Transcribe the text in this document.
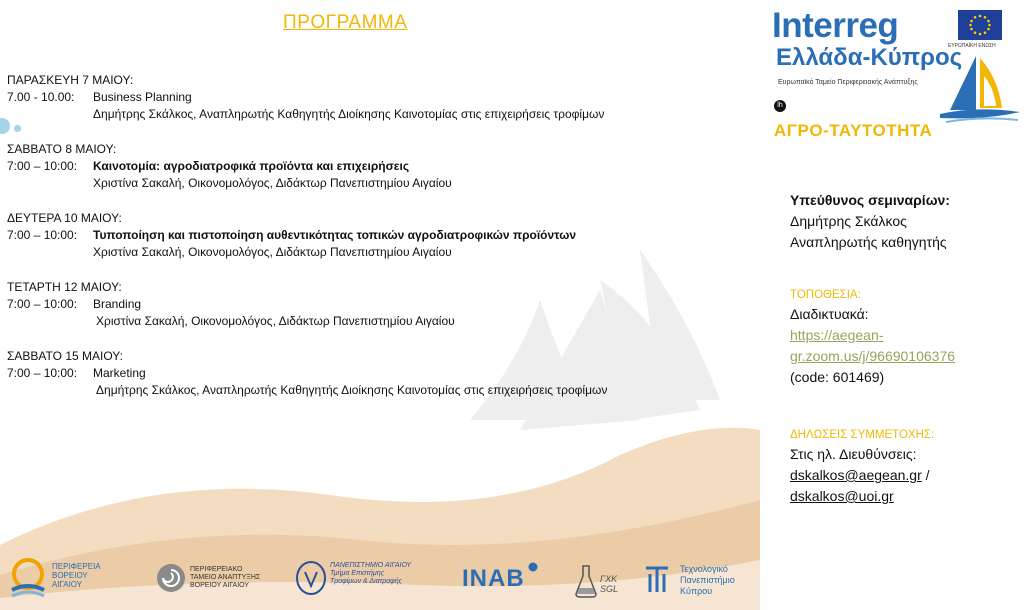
ΠΡΟΓΡΑΜΜΑ
ΠΑΡΑΣΚΕΥΗ 7 ΜΑΙΟΥ:
7.00 - 10.00:	Business Planning
Δημήτρης Σκάλκος, Αναπληρωτής Καθηγητής Διοίκησης Καινοτομίας στις επιχειρήσεις τροφίμων
ΣΑΒΒΑΤΟ 8 ΜΑΙΟΥ:
7:00 – 10:00:	Καινοτομία: αγροδιατροφικά προϊόντα και επιχειρήσεις
Χριστίνα Σακαλή, Οικονομολόγος, Διδάκτωρ Πανεπιστημίου Αιγαίου
ΔΕΥΤΕΡΑ 10 ΜΑΙΟΥ:
7:00 – 10:00:	Τυποποίηση και πιστοποίηση αυθεντικότητας τοπικών αγροδιατροφικών προϊόντων
Χριστίνα Σακαλή, Οικονομολόγος, Διδάκτωρ Πανεπιστημίου Αιγαίου
ΤΕΤΑΡΤΗ 12 ΜΑΙΟΥ:
7:00 – 10:00:	Branding
Χριστίνα Σακαλή, Οικονομολόγος, Διδάκτωρ Πανεπιστημίου Αιγαίου
ΣΑΒΒΑΤΟ 15 ΜΑΙΟΥ:
7:00 – 10:00:	Marketing
Δημήτρης Σκάλκος, Αναπληρωτής Καθηγητής Διοίκησης Καινοτομίας στις επιχειρήσεις τροφίμων
Interreg
ΕΥΡΩΠΑΪΚΗ ΕΝΩΣΗ
Ελλάδα-Κύπρος
Ευρωπαϊκό Ταμείο Περιφερειακής Ανάπτυξης
lh
ΑΓΡΟ-ΤΑΥΤΟΤΗΤΑ
Υπεύθυνος σεμιναρίων:
Δημήτρης Σκάλκος
Αναπληρωτής καθηγητής
ΤΟΠΟΘΕΣΙΑ:
Διαδικτυακά:
https://aegean-
gr.zoom.us/j/96690106376
(code: 601469)
ΔΗΛΩΣΕΙΣ ΣΥΜΜΕΤΟΧΗΣ:
Στις ηλ. Διευθύνσεις:
dskalkos@aegean.gr /
dskalkos@uoi.gr
ΠΕΡΙΦΕΡΕΙΑ
ΒΟΡΕΙΟΥ
ΑΙΓΑΙΟΥ
ΠΕΡΙΦΕΡΕΙΑΚΟ
ΤΑΜΕΙΟ ΑΝΑΠΤΥΞΗΣ
ΒΟΡΕΙΟΥ ΑΙΓΑΙΟΥ
ΠΑΝΕΠΙΣΤΗΜΙΟ ΑΙΓΑΙΟΥ
Τμήμα Επιστήμης
Τροφίμων & Διατροφής	INAB	ΓΧΚ
SGL
Τεχνολογικό
Πανεπιστήμιο
Κύπρου
